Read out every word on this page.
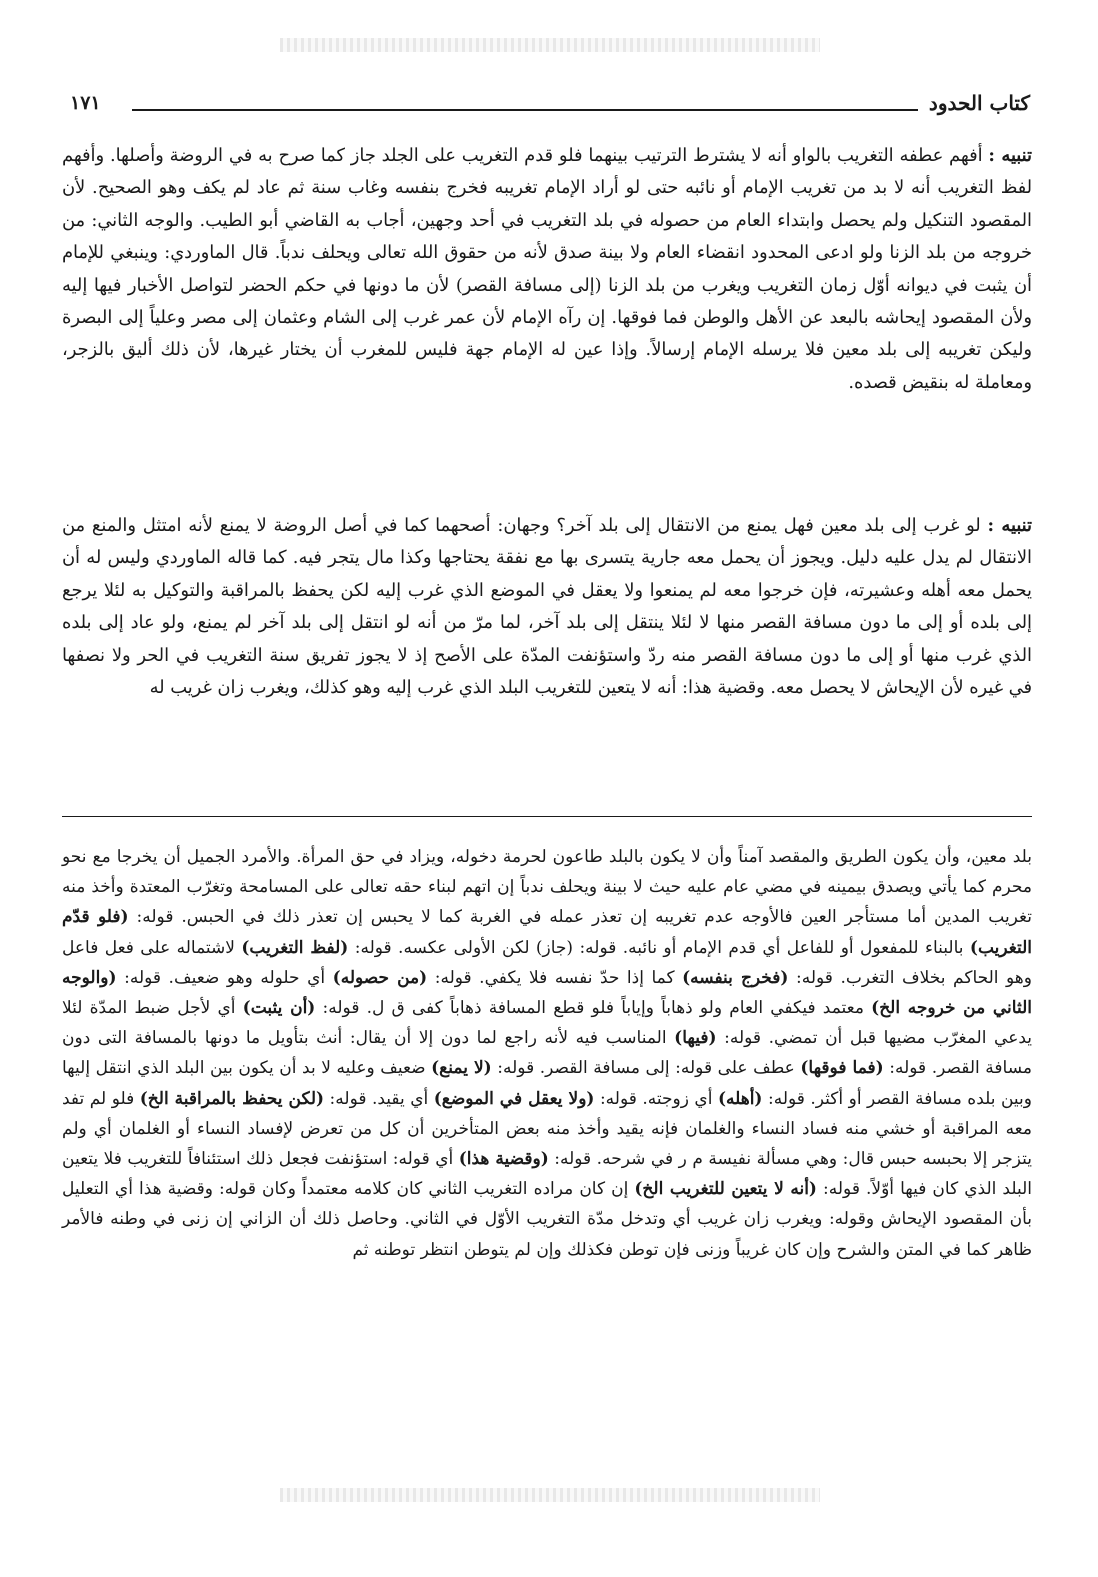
كتاب الحدود
١٧١

تنبيه : أفهم عطفه التغريب بالواو أنه لا يشترط الترتيب بينهما فلو قدم التغريب على الجلد جاز كما صرح به في الروضة وأصلها. وأفهم لفظ التغريب أنه لا بد من تغريب الإمام أو نائبه حتى لو أراد الإمام تغريبه فخرج بنفسه وغاب سنة ثم عاد لم يكف وهو الصحيح. لأن المقصود التنكيل ولم يحصل وابتداء العام من حصوله في بلد التغريب في أحد وجهين، أجاب به القاضي أبو الطيب. والوجه الثاني: من خروجه من بلد الزنا ولو ادعى المحدود انقضاء العام ولا بينة صدق لأنه من حقوق الله تعالى ويحلف ندباً. قال الماوردي: وينبغي للإمام أن يثبت في ديوانه أوّل زمان التغريب ويغرب من بلد الزنا (إلى مسافة القصر) لأن ما دونها في حكم الحضر لتواصل الأخبار فيها إليه ولأن المقصود إيحاشه بالبعد عن الأهل والوطن فما فوقها. إن رآه الإمام لأن عمر غرب إلى الشام وعثمان إلى مصر وعلياً إلى البصرة وليكن تغريبه إلى بلد معين فلا يرسله الإمام إرسالاً. وإذا عين له الإمام جهة فليس للمغرب أن يختار غيرها، لأن ذلك أليق بالزجر، ومعاملة له بنقيض قصده.

تنبيه : لو غرب إلى بلد معين فهل يمنع من الانتقال إلى بلد آخر؟ وجهان: أصحهما كما في أصل الروضة لا يمنع لأنه امتثل والمنع من الانتقال لم يدل عليه دليل. ويجوز أن يحمل معه جارية يتسرى بها مع نفقة يحتاجها وكذا مال يتجر فيه. كما قاله الماوردي وليس له أن يحمل معه أهله وعشيرته، فإن خرجوا معه لم يمنعوا ولا يعقل في الموضع الذي غرب إليه لكن يحفظ بالمراقبة والتوكيل به لئلا يرجع إلى بلده أو إلى ما دون مسافة القصر منها لا لئلا ينتقل إلى بلد آخر، لما مرّ من أنه لو انتقل إلى بلد آخر لم يمنع، ولو عاد إلى بلده الذي غرب منها أو إلى ما دون مسافة القصر منه ردّ واستؤنفت المدّة على الأصح إذ لا يجوز تفريق سنة التغريب في الحر ولا نصفها في غيره لأن الإيحاش لا يحصل معه. وقضية هذا: أنه لا يتعين للتغريب البلد الذي غرب إليه وهو كذلك، ويغرب زان غريب له

بلد معين، وأن يكون الطريق والمقصد آمناً وأن لا يكون بالبلد طاعون لحرمة دخوله، ويزاد في حق المرأة. والأمرد الجميل أن يخرجا مع نحو محرم كما يأتي ويصدق بيمينه في مضي عام عليه حيث لا بينة ويحلف ندباً إن اتهم لبناء حقه تعالى على المسامحة وتغرّب المعتدة وأخذ منه تغريب المدين أما مستأجر العين فالأوجه عدم تغريبه إن تعذر عمله في الغربة كما لا يحبس إن تعذر ذلك في الحبس. قوله: (فلو قدّم التغريب) بالبناء للمفعول أو للفاعل أي قدم الإمام أو نائبه. قوله: (جاز) لكن الأولى عكسه. قوله: (لفظ التغريب) لاشتماله على فعل فاعل وهو الحاكم بخلاف التغرب. قوله: (فخرج بنفسه) كما إذا حدّ نفسه فلا يكفي. قوله: (من حصوله) أي حلوله وهو ضعيف. قوله: (والوجه الثاني من خروجه الخ) معتمد فيكفي العام ولو ذهاباً وإياباً فلو قطع المسافة ذهاباً كفى ق ل. قوله: (أن يثبت) أي لأجل ضبط المدّة لئلا يدعي المغرّب مضيها قبل أن تمضي. قوله: (فيها) المناسب فيه لأنه راجع لما دون إلا أن يقال: أنث بتأويل ما دونها بالمسافة التى دون مسافة القصر. قوله: (فما فوقها) عطف على قوله: إلى مسافة القصر. قوله: (لا يمنع) ضعيف وعليه لا بد أن يكون بين البلد الذي انتقل إليها وبين بلده مسافة القصر أو أكثر. قوله: (أهله) أي زوجته. قوله: (ولا يعقل في الموضع) أي يقيد. قوله: (لكن يحفظ بالمراقبة الخ) فلو لم تفد معه المراقبة أو خشي منه فساد النساء والغلمان فإنه يقيد وأخذ منه بعض المتأخرين أن كل من تعرض لإفساد النساء أو الغلمان أي ولم يتزجر إلا بحبسه حبس قال: وهي مسألة نفيسة م ر في شرحه. قوله: (وقضية هذا) أي قوله: استؤنفت فجعل ذلك استئنافاً للتغريب فلا يتعين البلد الذي كان فيها أوّلاً. قوله: (أنه لا يتعين للتغريب الخ) إن كان مراده التغريب الثاني كان كلامه معتمداً وكان قوله: وقضية هذا أي التعليل بأن المقصود الإيحاش وقوله: ويغرب زان غريب أي وتدخل مدّة التغريب الأوّل في الثاني. وحاصل ذلك أن الزاني إن زنى في وطنه فالأمر ظاهر كما في المتن والشرح وإن كان غريباً وزنى فإن توطن فكذلك وإن لم يتوطن انتظر توطنه ثم
